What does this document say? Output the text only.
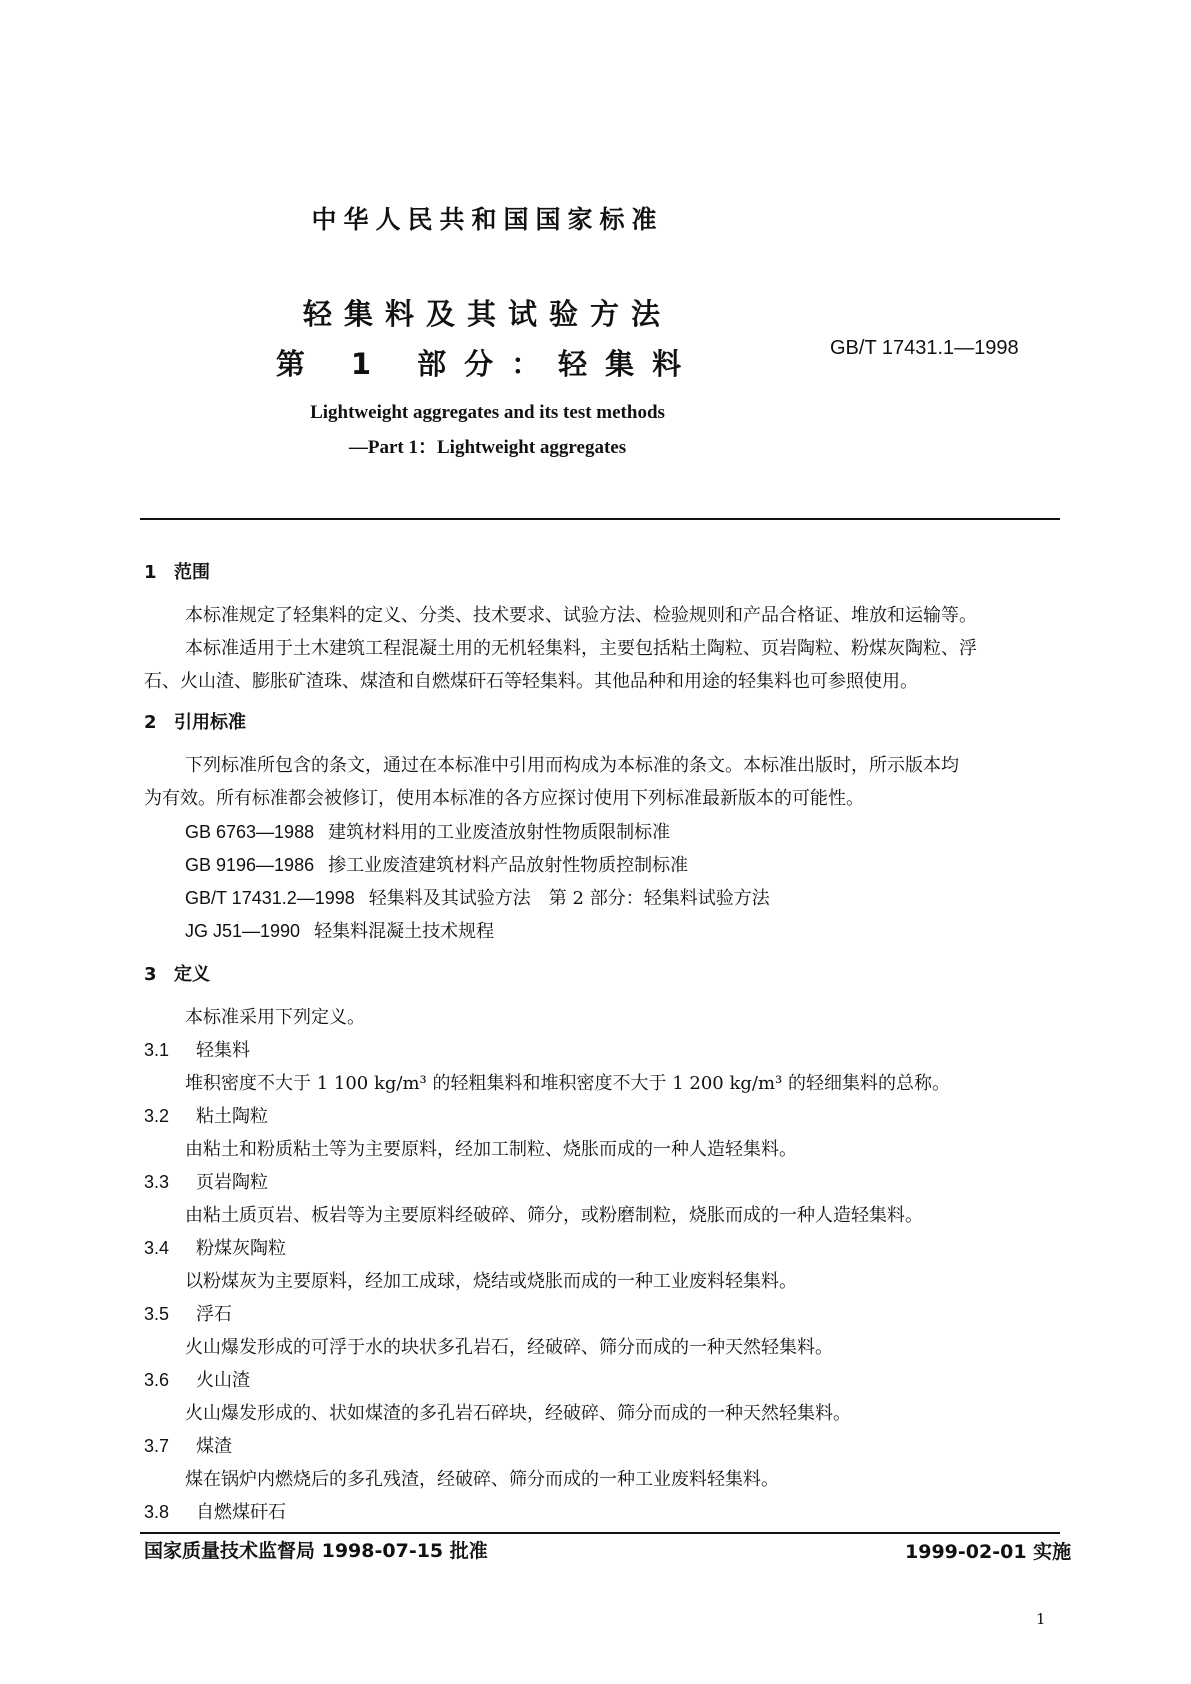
中华人民共和国国家标准
轻集料及其试验方法
第 1 部分：轻集料	GB/T 17431.1—1998
Lightweight aggregates and its test methods
—Part 1：Lightweight aggregates
1 范围
本标准规定了轻集料的定义、分类、技术要求、试验方法、检验规则和产品合格证、堆放和运输等。
本标准适用于土木建筑工程混凝土用的无机轻集料，主要包括粘土陶粒、页岩陶粒、粉煤灰陶粒、浮
石、火山渣、膨胀矿渣珠、煤渣和自燃煤矸石等轻集料。其他品种和用途的轻集料也可参照使用。
2 引用标准
下列标准所包含的条文，通过在本标准中引用而构成为本标准的条文。本标准出版时，所示版本均
为有效。所有标准都会被修订，使用本标准的各方应探讨使用下列标准最新版本的可能性。
GB 6763—1988 建筑材料用的工业废渣放射性物质限制标准
GB 9196—1986 掺工业废渣建筑材料产品放射性物质控制标准
GB/T 17431.2—1998 轻集料及其试验方法　第 2 部分：轻集料试验方法
JG J51—1990 轻集料混凝土技术规程
3 定义
本标准采用下列定义。
3.1 轻集料
堆积密度不大于 1 100 kg/m³ 的轻粗集料和堆积密度不大于 1 200 kg/m³ 的轻细集料的总称。
3.2 粘土陶粒
由粘土和粉质粘土等为主要原料，经加工制粒、烧胀而成的一种人造轻集料。
3.3 页岩陶粒
由粘土质页岩、板岩等为主要原料经破碎、筛分，或粉磨制粒，烧胀而成的一种人造轻集料。
3.4 粉煤灰陶粒
以粉煤灰为主要原料，经加工成球，烧结或烧胀而成的一种工业废料轻集料。
3.5 浮石
火山爆发形成的可浮于水的块状多孔岩石，经破碎、筛分而成的一种天然轻集料。
3.6 火山渣
火山爆发形成的、状如煤渣的多孔岩石碎块，经破碎、筛分而成的一种天然轻集料。
3.7 煤渣
煤在锅炉内燃烧后的多孔残渣，经破碎、筛分而成的一种工业废料轻集料。
3.8 自燃煤矸石
国家质量技术监督局 1998-07-15 批准	1999-02-01 实施
1
